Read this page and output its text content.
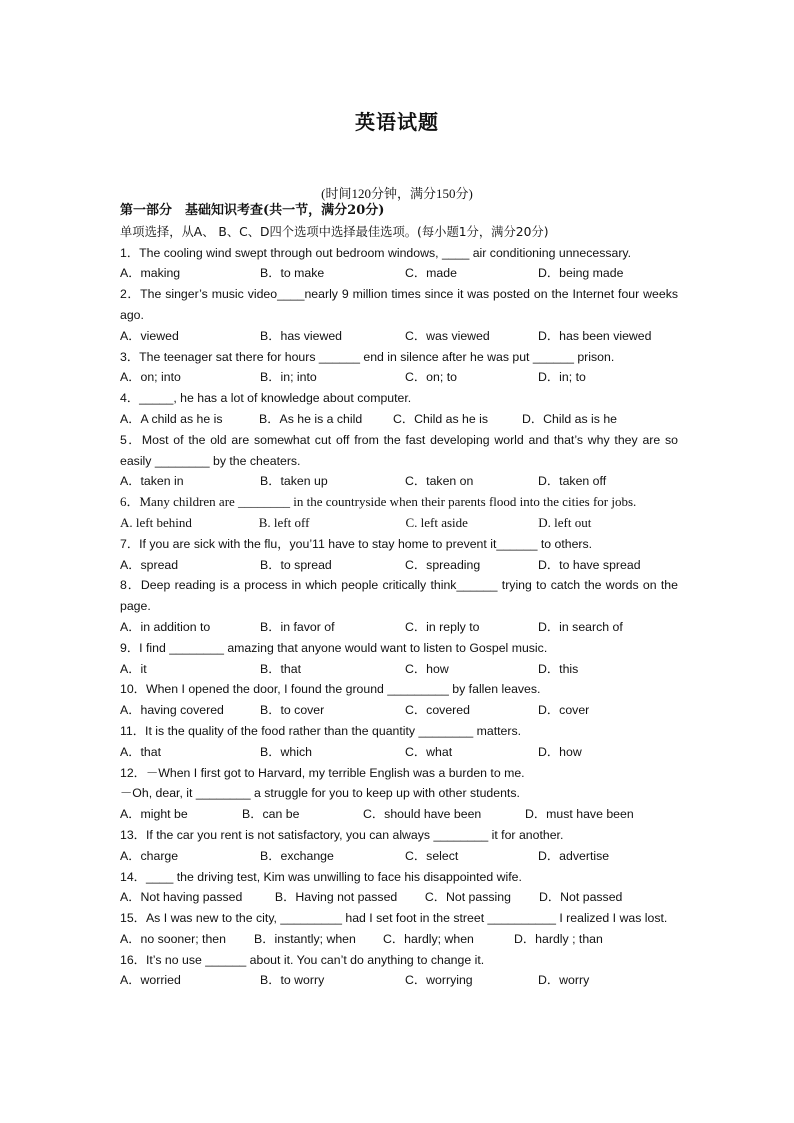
英语试题
(时间120分钟，满分150分)
第一部分　基础知识考查(共一节，满分20分)
单项选择，从A、 B、C、D四个选项中选择最佳选项。(每小题1分，满分20分)
1．The cooling wind swept through out bedroom windows, ____ air conditioning unnecessary.
A．making	B．to make	C．made	D．being made
2．The singer’s music video____nearly 9 million times since it was posted on the Internet four weeks ago.
A．viewed	B．has viewed	C．was viewed	D．has been viewed
3．The teenager sat there for hours ______ end in silence after he was put ______ prison.
A．on; into	B．in; into	C．on; to	D．in; to
4．_____, he has a lot of knowledge about computer.
A．A child as he is	B．As he is a child	C．Child as he is	D．Child as is he
5．Most of the old are somewhat cut off from the fast developing world and that’s why they are so easily ________ by the cheaters.
A．taken in	B．taken up	C．taken on	D．taken off
6．Many children are ________ in the countryside when their parents flood into the cities for jobs.
A. left behind	B. left off	C. left aside	D. left out
7．If you are sick with the flu，you’11 have to stay home to prevent it______ to others.
A．spread	B．to spread	C．spreading	D．to have spread
8．Deep reading is a process in which people critically think______ trying to catch the words on the page.
A．in addition to	B．in favor of	C．in reply to	D．in search of
9．I find ________ amazing that anyone would want to listen to Gospel music.
A．it	B．that	C．how	D．this
10．When I opened the door, I found the ground _________ by fallen leaves.
A．having covered	B．to cover	C．covered	D．cover
11．It is the quality of the food rather than the quantity ________ matters.
A．that	B．which	C．what	D．how
12．－When I first got to Harvard, my terrible English was a burden to me.
－Oh, dear, it ________ a struggle for you to keep up with other students.
A．might be	B．can be	C．should have been	D．must have been
13．If the car you rent is not satisfactory, you can always ________ it for another.
A．charge	B．exchange	C．select	D．advertise
14．____ the driving test, Kim was unwilling to face his disappointed wife.
A．Not having passed	B．Having not passed	C．Not passing	D．Not passed
15．As I was new to the city, _________ had I set foot in the street __________ I realized I was lost.
A．no sooner; then	B．instantly; when	C．hardly; when	D．hardly ; than
16．It’s no use ______ about it. You can’t do anything to change it.
A．worried	B．to worry	C．worrying	D．worry
